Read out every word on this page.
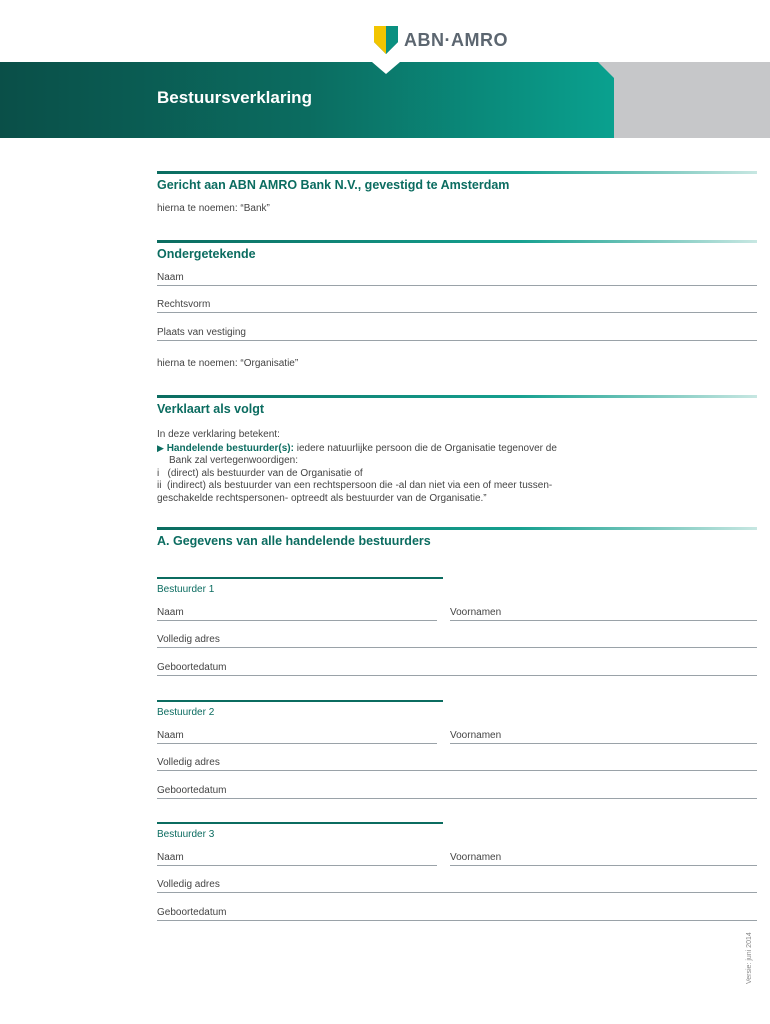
ABN·AMRO
Bestuursverklaring
Gericht aan ABN AMRO Bank N.V., gevestigd te Amsterdam
hierna te noemen: “Bank”
Ondergetekende
Naam
Rechtsvorm
Plaats van vestiging
hierna te noemen: “Organisatie”
Verklaart als volgt
In deze verklaring betekent:
▶ Handelende bestuurder(s): iedere natuurlijke persoon die de Organisatie tegenover de
Bank zal vertegenwoordigen:
i   (direct) als bestuurder van de Organisatie of
ii  (indirect) als bestuurder van een rechtspersoon die -al dan niet via een of meer tussen-
geschakelde rechtspersonen- optreedt als bestuurder van de Organisatie.”
A. Gegevens van alle handelende bestuurders
Bestuurder 1
Naam	Voornamen
Volledig adres
Geboortedatum
Bestuurder 2
Naam	Voornamen
Volledig adres
Geboortedatum
Bestuurder 3
Naam	Voornamen
Volledig adres
Geboortedatum
Versie: juni 2014
